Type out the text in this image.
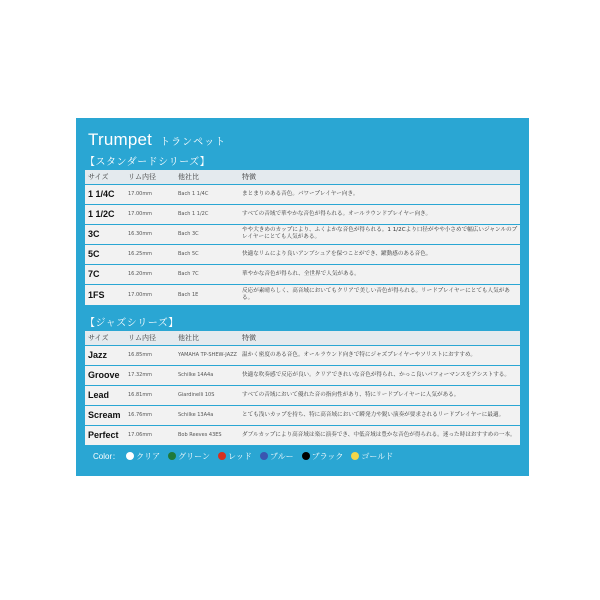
Trumpet トランペット
【スタンダードシリーズ】
サイズ	リム内径	他社比	特徴
1 1/4C	17.00mm	Bach 1 1/4C	まとまりのある音色。パワープレイヤー向き。
1 1/2C	17.00mm	Bach 1 1/2C	すべての音域で華やかな音色が得られる。オールラウンドプレイヤー向き。
3C	16.30mm	Bach 3C	やや大きめのカップにより、ふくよかな音色が得られる。1 1/2Cより口径がやや小さめで幅広いジャンルのプレイヤーにとても人気がある。
5C	16.25mm	Bach 5C	快適なリムにより良いアンブシュアを保つことができ、躍動感のある音色。
7C	16.20mm	Bach 7C	華やかな音色が得られ、全世界で人気がある。
1FS	17.00mm	Bach 1E	反応が素晴らしく、高音域においてもクリアで美しい音色が得られる。リードプレイヤーにとても人気がある。
【ジャズシリーズ】
サイズ	リム内径	他社比	特徴
Jazz	16.85mm	YAMAHA TP-SHEW-JAZZ	温かく密度のある音色。オールラウンド向きで特にジャズプレイヤーやソリストにおすすめ。
Groove	17.32mm	Schilke 14A4a	快適な吹奏感で反応が良い。クリアできれいな音色が得られ、かっこ良いパフォーマンスをアシストする。
Lead	16.81mm	Giardinelli 10S	すべての音域において優れた音の指向性があり、特にリードプレイヤーに人気がある。
Scream	16.76mm	Schilke 13A4a	とても浅いカップを持ち、特に高音域において瞬発力や鋭い演奏が要求されるリードプレイヤーに最適。
Perfect	17.06mm	Bob Reeves 43ES	ダブルカップにより高音域は楽に演奏でき、中低音域は豊かな音色が得られる。迷った時はおすすめの一本。
Color： クリア グリーン レッド ブルー ブラック ゴールド
